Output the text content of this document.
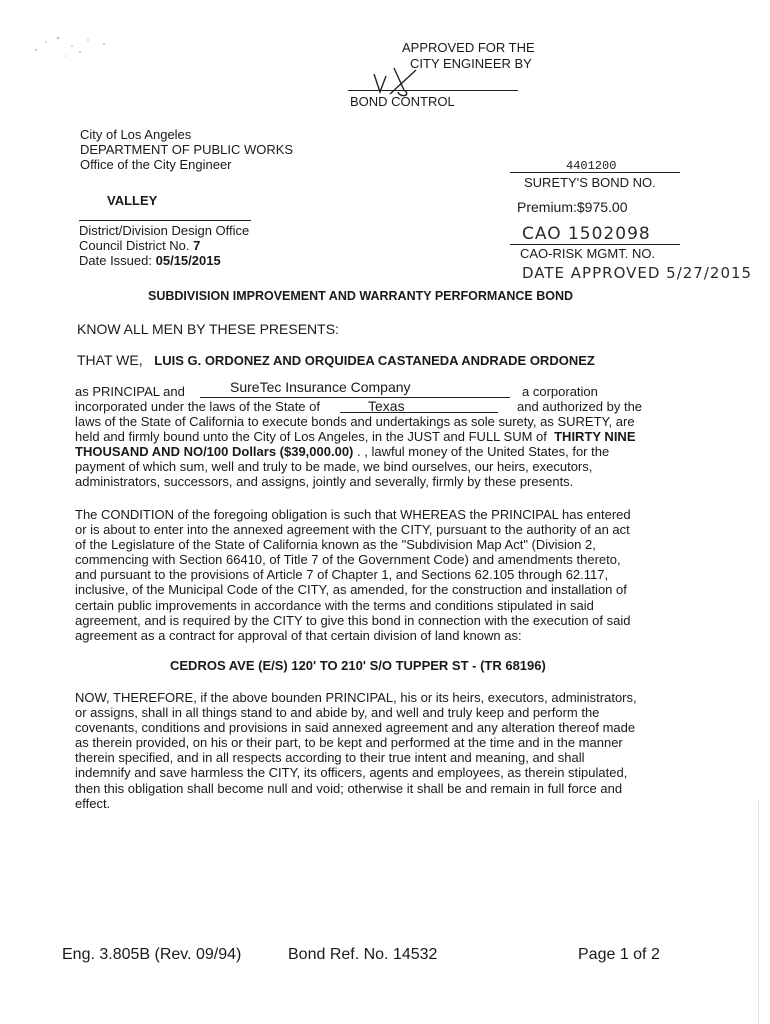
APPROVED FOR THE
CITY ENGINEER BY
BOND CONTROL
City of Los Angeles
DEPARTMENT OF PUBLIC WORKS
Office of the City Engineer
VALLEY
District/Division Design Office
Council District No. 7
Date Issued: 05/15/2015
4401200
SURETY'S BOND NO.
Premium:$975.00
CAO 1502098
CAO-RISK MGMT. NO.
DATE APPROVED 5/27/2015
SUBDIVISION IMPROVEMENT AND WARRANTY PERFORMANCE BOND
KNOW ALL MEN BY THESE PRESENTS:
THAT WE, LUIS G. ORDONEZ AND ORQUIDEA CASTANEDA ANDRADE ORDONEZ
as PRINCIPAL and	SureTec Insurance Company	a corporation
incorporated under the laws of the State of	Texas	and authorized by the
laws of the State of California to execute bonds and undertakings as sole surety, as SURETY, are
held and firmly bound unto the City of Los Angeles, in the JUST and FULL SUM of THIRTY NINE
THOUSAND AND NO/100 Dollars ($39,000.00) . , lawful money of the United States, for the
payment of which sum, well and truly to be made, we bind ourselves, our heirs, executors,
administrators, successors, and assigns, jointly and severally, firmly by these presents.
The CONDITION of the foregoing obligation is such that WHEREAS the PRINCIPAL has entered
or is about to enter into the annexed agreement with the CITY, pursuant to the authority of an act
of the Legislature of the State of California known as the "Subdivision Map Act" (Division 2,
commencing with Section 66410, of Title 7 of the Government Code) and amendments thereto,
and pursuant to the provisions of Article 7 of Chapter 1, and Sections 62.105 through 62.117,
inclusive, of the Municipal Code of the CITY, as amended, for the construction and installation of
certain public improvements in accordance with the terms and conditions stipulated in said
agreement, and is required by the CITY to give this bond in connection with the execution of said
agreement as a contract for approval of that certain division of land known as:
CEDROS AVE (E/S) 120' TO 210' S/O TUPPER ST - (TR 68196)
NOW, THEREFORE, if the above bounden PRINCIPAL, his or its heirs, executors, administrators,
or assigns, shall in all things stand to and abide by, and well and truly keep and perform the
covenants, conditions and provisions in said annexed agreement and any alteration thereof made
as therein provided, on his or their part, to be kept and performed at the time and in the manner
therein specified, and in all respects according to their true intent and meaning, and shall
indemnify and save harmless the CITY, its officers, agents and employees, as therein stipulated,
then this obligation shall become null and void; otherwise it shall be and remain in full force and
effect.
Eng. 3.805B (Rev. 09/94)	Bond Ref. No. 14532	Page 1 of 2
